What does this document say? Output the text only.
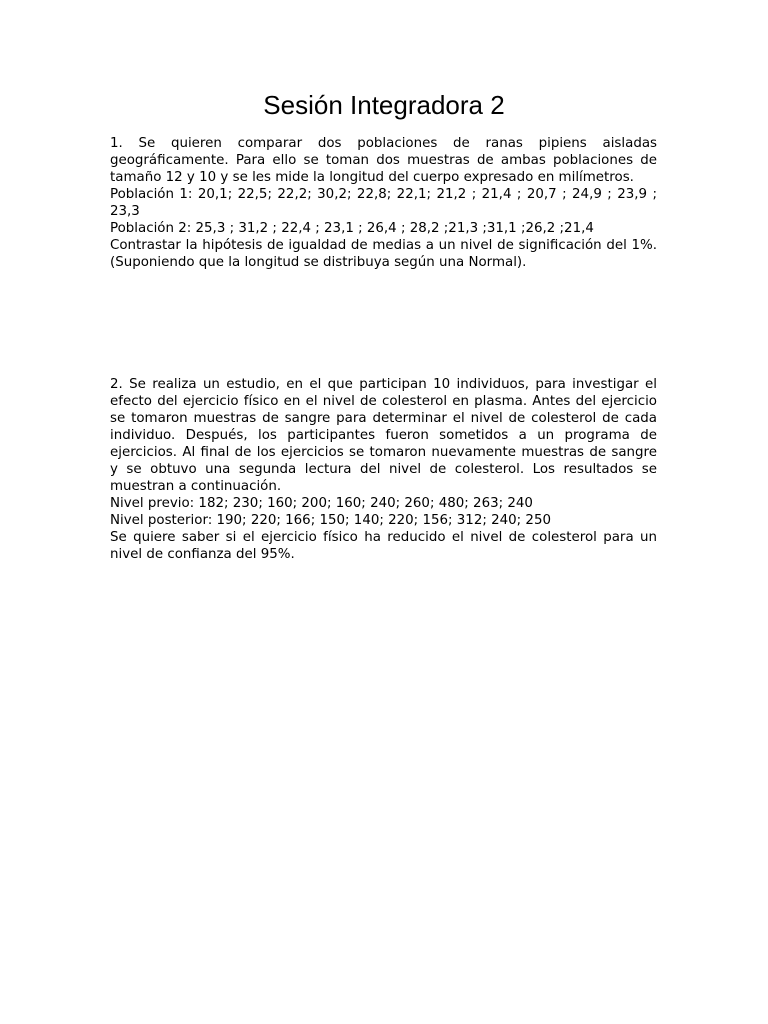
Sesión Integradora 2

1. Se quieren comparar dos poblaciones de ranas pipiens aisladas geográficamente. Para ello se toman dos muestras de ambas poblaciones de tamaño 12 y 10 y se les mide la longitud del cuerpo expresado en milímetros.

Población 1: 20,1; 22,5; 22,2; 30,2; 22,8; 22,1; 21,2 ; 21,4 ; 20,7 ; 24,9 ; 23,9 ; 23,3

Población 2: 25,3 ; 31,2 ; 22,4 ; 23,1 ; 26,4 ; 28,2 ;21,3 ;31,1 ;26,2 ;21,4

Contrastar la hipótesis de igualdad de medias a un nivel de significación del 1%. (Suponiendo que la longitud se distribuya según una Normal).

2. Se realiza un estudio, en el que participan 10 individuos, para investigar el efecto del ejercicio físico en el nivel de colesterol en plasma. Antes del ejercicio se tomaron muestras de sangre para determinar el nivel de colesterol de cada individuo. Después, los participantes fueron sometidos a un programa de ejercicios. Al final de los ejercicios se tomaron nuevamente muestras de sangre y se obtuvo una segunda lectura del nivel de colesterol. Los resultados se muestran a continuación.

Nivel previo: 182; 230; 160; 200; 160; 240; 260; 480; 263; 240

Nivel posterior: 190; 220; 166; 150; 140; 220; 156; 312; 240; 250

Se quiere saber si el ejercicio físico ha reducido el nivel de colesterol para un nivel de confianza del 95%.
